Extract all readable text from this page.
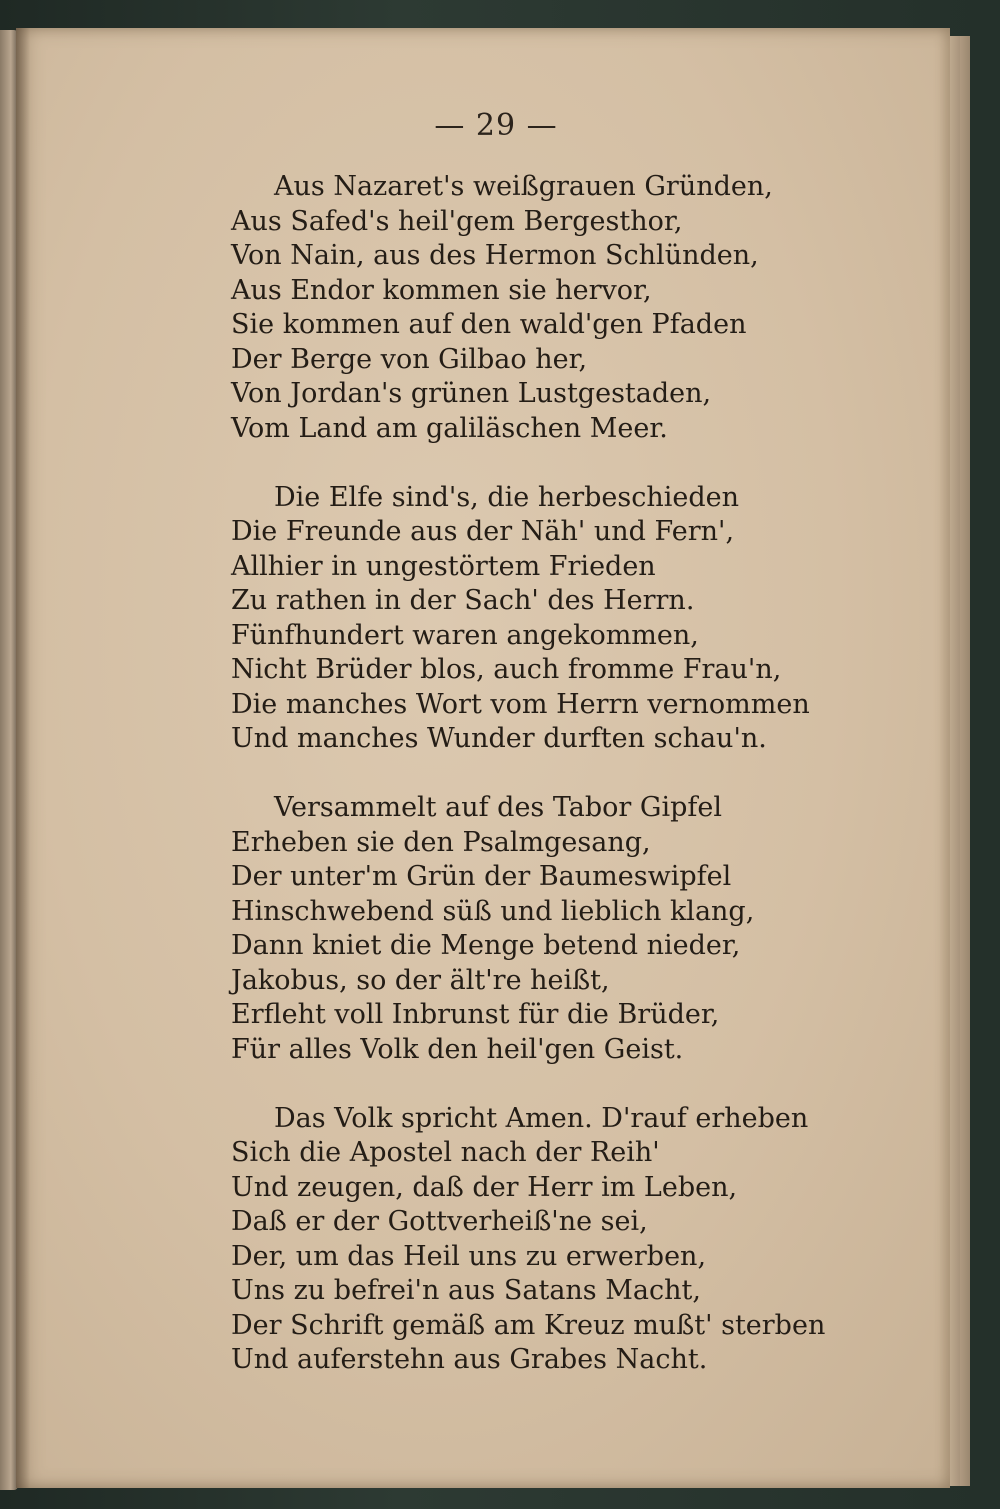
— 29 —
Aus Nazaret's weißgrauen Gründen,
Aus Safed's heil'gem Bergesthor,
Von Nain, aus des Hermon Schlünden,
Aus Endor kommen sie hervor,
Sie kommen auf den wald'gen Pfaden
Der Berge von Gilbao her,
Von Jordan's grünen Lustgestaden,
Vom Land am galiläschen Meer.
Die Elfe sind's, die herbeschieden
Die Freunde aus der Näh' und Fern',
Allhier in ungestörtem Frieden
Zu rathen in der Sach' des Herrn.
Fünfhundert waren angekommen,
Nicht Brüder blos, auch fromme Frau'n,
Die manches Wort vom Herrn vernommen
Und manches Wunder durften schau'n.
Versammelt auf des Tabor Gipfel
Erheben sie den Psalmgesang,
Der unter'm Grün der Baumeswipfel
Hinschwebend süß und lieblich klang,
Dann kniet die Menge betend nieder,
Jakobus, so der ält're heißt,
Erfleht voll Inbrunst für die Brüder,
Für alles Volk den heil'gen Geist.
Das Volk spricht Amen. D'rauf erheben
Sich die Apostel nach der Reih'
Und zeugen, daß der Herr im Leben,
Daß er der Gottverheiß'ne sei,
Der, um das Heil uns zu erwerben,
Uns zu befrei'n aus Satans Macht,
Der Schrift gemäß am Kreuz mußt' sterben
Und auferstehn aus Grabes Nacht.
